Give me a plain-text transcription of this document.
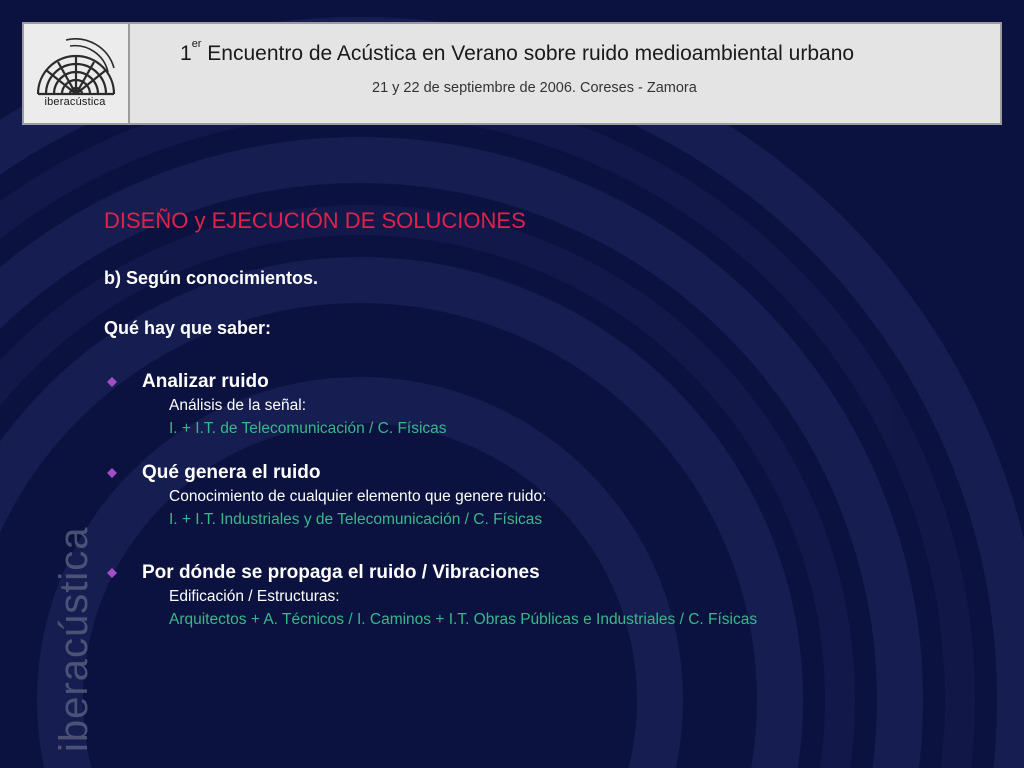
iberacústica
1er Encuentro de Acústica en Verano sobre ruido medioambiental urbano
21 y 22 de septiembre de 2006. Coreses - Zamora
DISEÑO y EJECUCIÓN DE SOLUCIONES
b) Según conocimientos.
Qué hay que saber:
Analizar ruido
Análisis de la señal:
I. + I.T. de Telecomunicación / C. Físicas
Qué genera el ruido
Conocimiento de cualquier elemento que genere ruido:
I. + I.T. Industriales y de Telecomunicación / C. Físicas
Por dónde se propaga el ruido / Vibraciones
Edificación / Estructuras:
Arquitectos + A. Técnicos / I. Caminos + I.T. Obras Públicas e Industriales / C. Físicas
iberacústica
